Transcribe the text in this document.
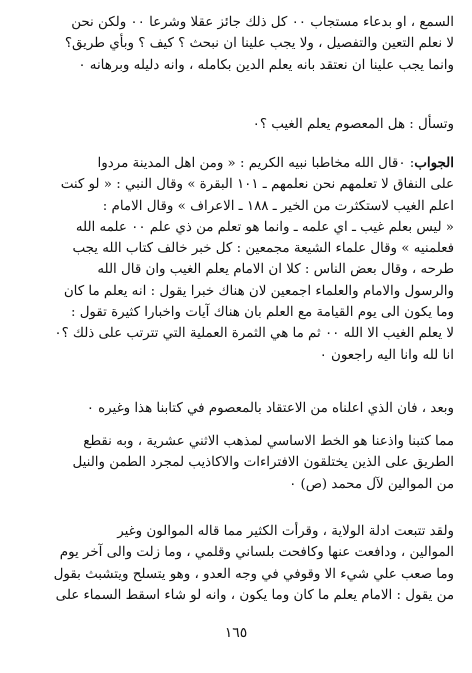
السمع ، او بدعاء مستجاب ٠٠ كل ذلك جائز عقلا وشرعا ٠٠ ولكن نحن
لا نعلم التعين والتفصيل ، ولا يجب علينا ان نبحث ؟ كيف ؟ وبأي طريق؟
وانما يجب علينا ان نعتقد بانه يعلم الدين بكامله ، وانه دليله وبرهانه ٠
وتسأل : هل المعصوم يعلم الغيب ؟٠
الجواب: ٠قال الله مخاطبا نبيه الكريم : « ومن اهل المدينة مردوا
على النفاق لا تعلمهم نحن نعلمهم ـ ١٠١ البقرة » وقال النبي : « لو كنت
اعلم الغيب لاستكثرت من الخير ـ ١٨٨ ـ الاعراف » وقال الامام :
« ليس بعلم غيب ـ اي علمه ـ وانما هو تعلم من ذي علم ٠٠ علمه الله
فعلمنيه » وقال علماء الشيعة مجمعين : كل خبر خالف كتاب الله يجب
طرحه ، وقال بعض الناس : كلا ان الامام يعلم الغيب وان قال الله
والرسول والامام والعلماء اجمعين لان هناك خبرا يقول : انه يعلم ما كان
وما يكون الى يوم القيامة مع العلم بان هناك آيات واخبارا كثيرة تقول :
لا يعلم الغيب الا الله ٠٠ ثم ما هي الثمرة العملية التي تترتب على ذلك ؟٠
انا لله وانا اليه راجعون ٠
وبعد ، فان الذي اعلناه من الاعتقاد بالمعصوم في كتابنا هذا وغيره ٠
مما كتبنا واذعنا هو الخط الاساسي لمذهب الاثني عشرية ، وبه نقطع
الطريق على الذين يختلقون الافتراءات والاكاذيب لمجرد الطمن والنيل
من الموالين لآل محمد (ص) ٠
ولقد تتبعت ادلة الولاية ، وقرأت الكثير مما قاله الموالون وغير
الموالين ، ودافعت عنها وكافحت بلساني وقلمي ، وما زلت والى آخر يوم
وما صعب علي شيء الا وقوفي في وجه العدو ، وهو يتسلح ويتشبث بقول
من يقول : الامام يعلم ما كان وما يكون ، وانه لو شاء اسقط السماء على
١٦٥
